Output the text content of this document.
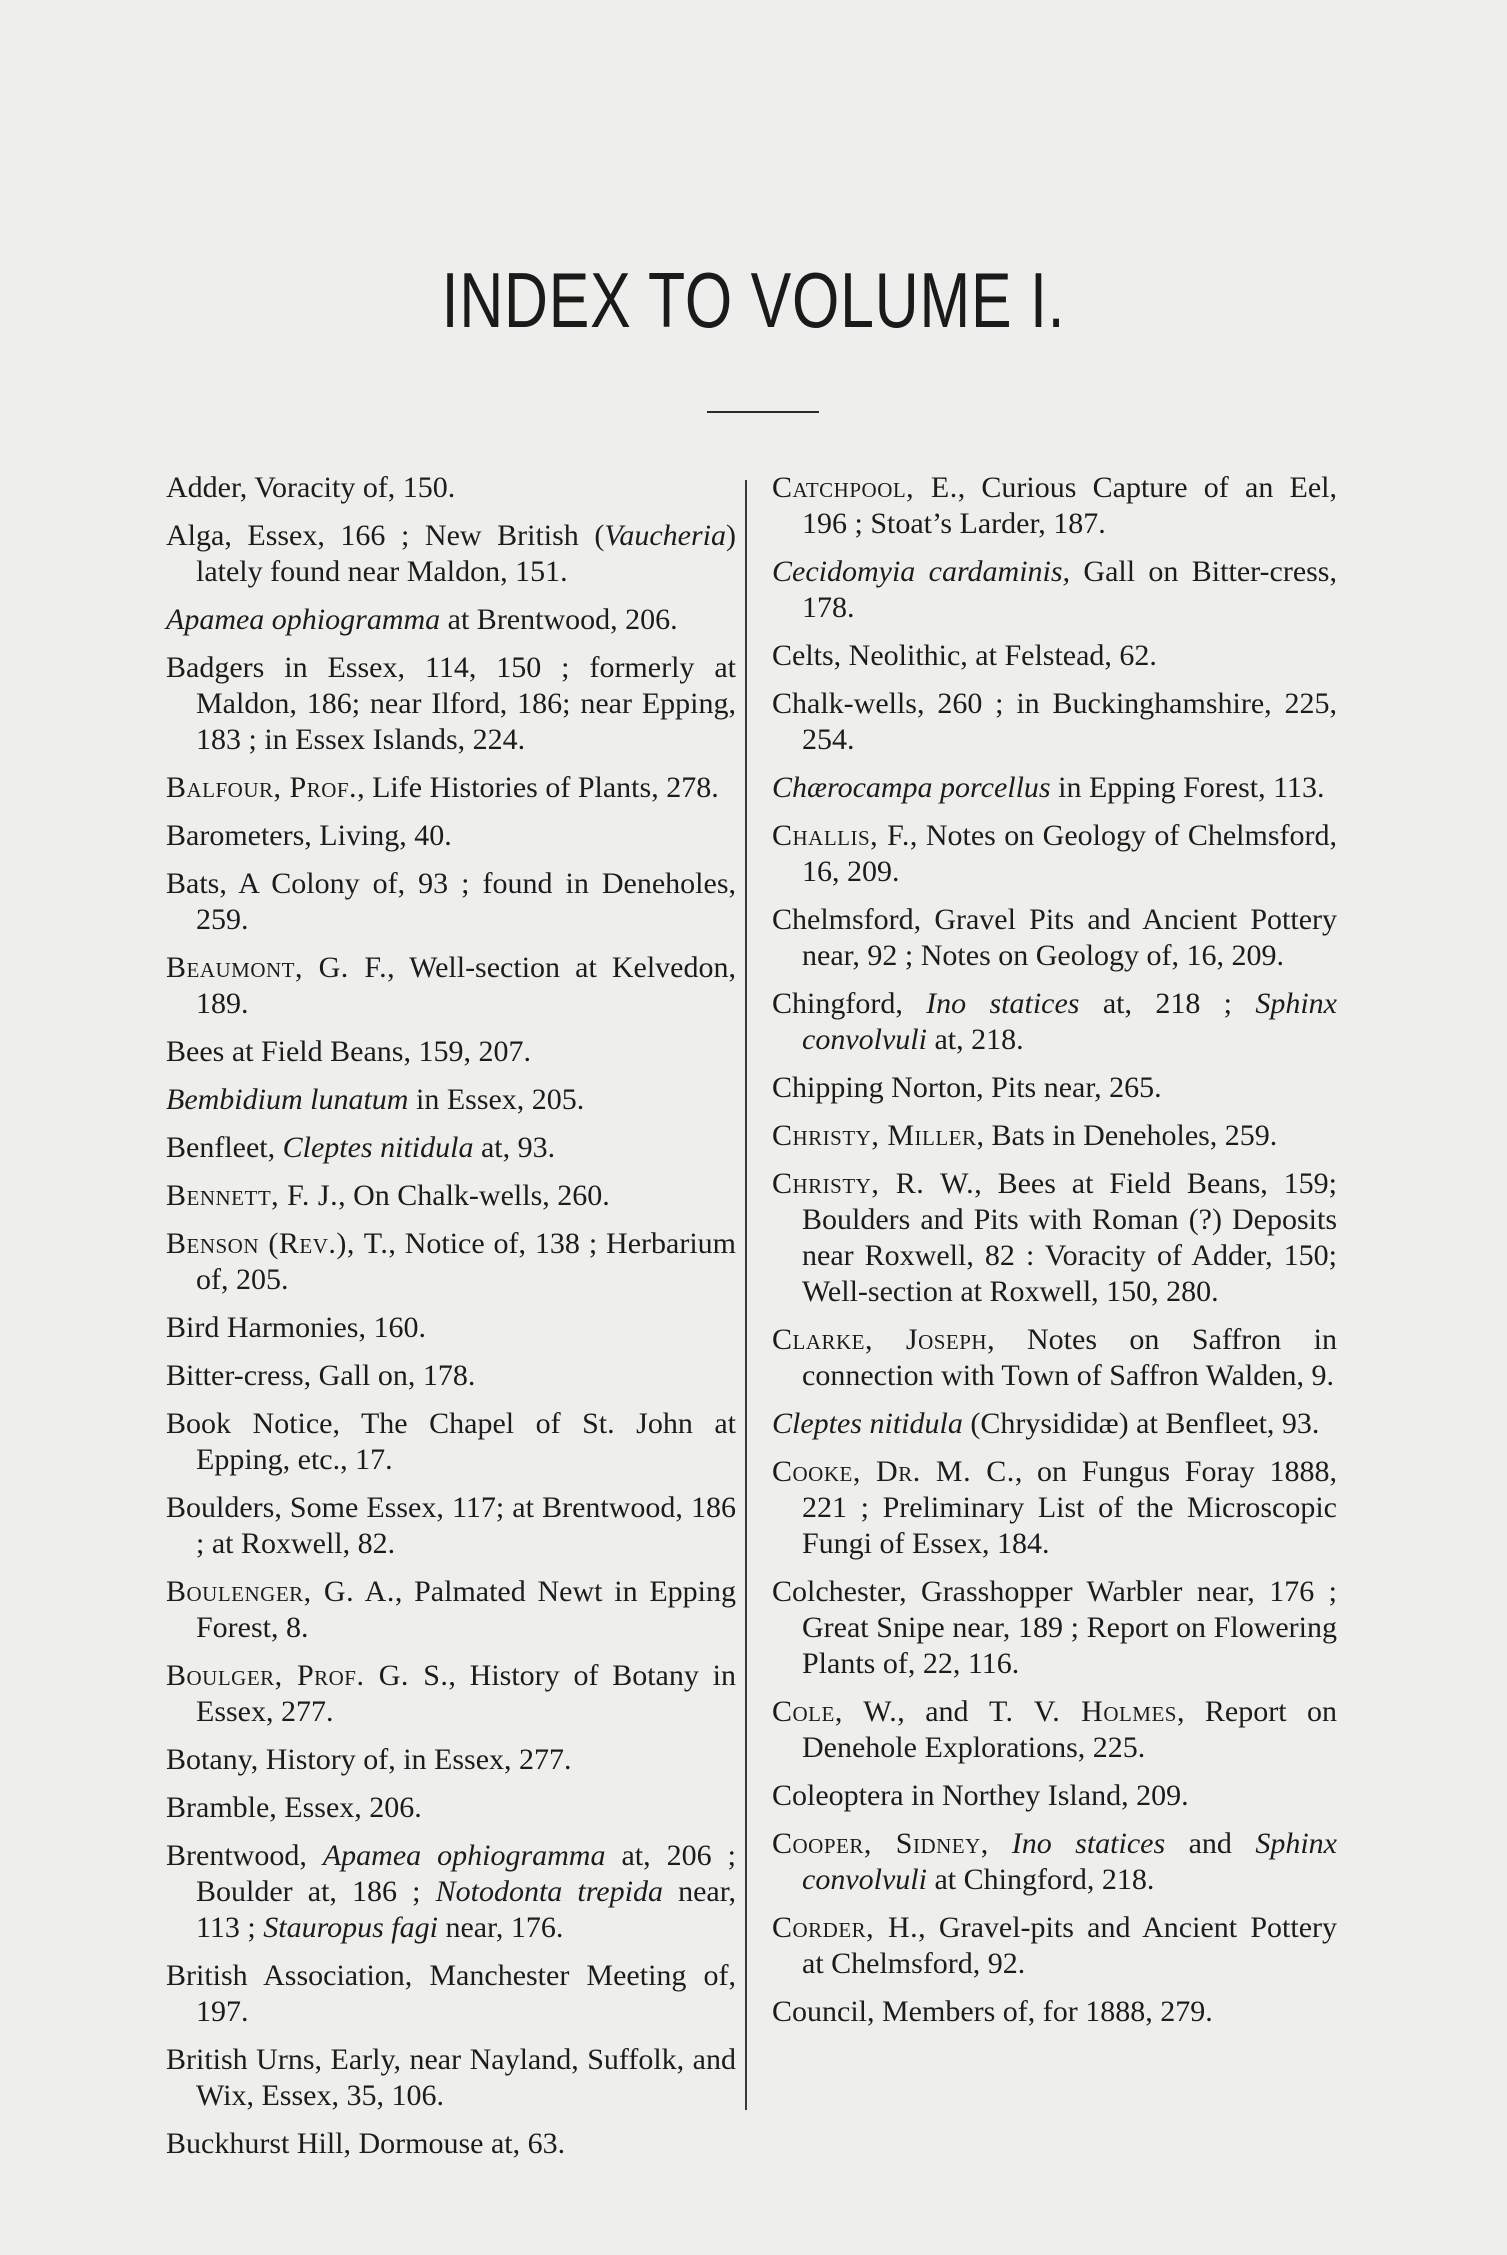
INDEX TO VOLUME I.

Adder, Voracity of, 150.

Alga, Essex, 166 ; New British (Vaucheria) lately found near Maldon, 151.

Apamea ophiogramma at Brentwood, 206.

Badgers in Essex, 114, 150 ; formerly at Maldon, 186; near Ilford, 186; near Epping, 183 ; in Essex Islands, 224.

Balfour, Prof., Life Histories of Plants, 278.

Barometers, Living, 40.

Bats, A Colony of, 93 ; found in Deneholes, 259.

Beaumont, G. F., Well-section at Kelvedon, 189.

Bees at Field Beans, 159, 207.

Bembidium lunatum in Essex, 205.

Benfleet, Cleptes nitidula at, 93.

Bennett, F. J., On Chalk-wells, 260.

Benson (Rev.), T., Notice of, 138 ; Herbarium of, 205.

Bird Harmonies, 160.

Bitter-cress, Gall on, 178.

Book Notice, The Chapel of St. John at Epping, etc., 17.

Boulders, Some Essex, 117; at Brentwood, 186 ; at Roxwell, 82.

Boulenger, G. A., Palmated Newt in Epping Forest, 8.

Boulger, Prof. G. S., History of Botany in Essex, 277.

Botany, History of, in Essex, 277.

Bramble, Essex, 206.

Brentwood, Apamea ophiogramma at, 206 ; Boulder at, 186 ; Notodonta trepida near, 113 ; Stauropus fagi near, 176.

British Association, Manchester Meeting of, 197.

British Urns, Early, near Nayland, Suffolk, and Wix, Essex, 35, 106.

Buckhurst Hill, Dormouse at, 63.

Catchpool, E., Curious Capture of an Eel, 196 ; Stoat’s Larder, 187.

Cecidomyia cardaminis, Gall on Bitter-cress, 178.

Celts, Neolithic, at Felstead, 62.

Chalk-wells, 260 ; in Buckinghamshire, 225, 254.

Chærocampa porcellus in Epping Forest, 113.

Challis, F., Notes on Geology of Chelmsford, 16, 209.

Chelmsford, Gravel Pits and Ancient Pottery near, 92 ; Notes on Geology of, 16, 209.

Chingford, Ino statices at, 218 ; Sphinx convolvuli at, 218.

Chipping Norton, Pits near, 265.

Christy, Miller, Bats in Deneholes, 259.

Christy, R. W., Bees at Field Beans, 159; Boulders and Pits with Roman (?) Deposits near Roxwell, 82 : Voracity of Adder, 150; Well-section at Roxwell, 150, 280.

Clarke, Joseph, Notes on Saffron in connection with Town of Saffron Walden, 9.

Cleptes nitidula (Chrysididæ) at Benfleet, 93.

Cooke, Dr. M. C., on Fungus Foray 1888, 221 ; Preliminary List of the Microscopic Fungi of Essex, 184.

Colchester, Grasshopper Warbler near, 176 ; Great Snipe near, 189 ; Report on Flowering Plants of, 22, 116.

Cole, W., and T. V. Holmes, Report on Denehole Explorations, 225.

Coleoptera in Northey Island, 209.

Cooper, Sidney, Ino statices and Sphinx convolvuli at Chingford, 218.

Corder, H., Gravel-pits and Ancient Pottery at Chelmsford, 92.

Council, Members of, for 1888, 279.
